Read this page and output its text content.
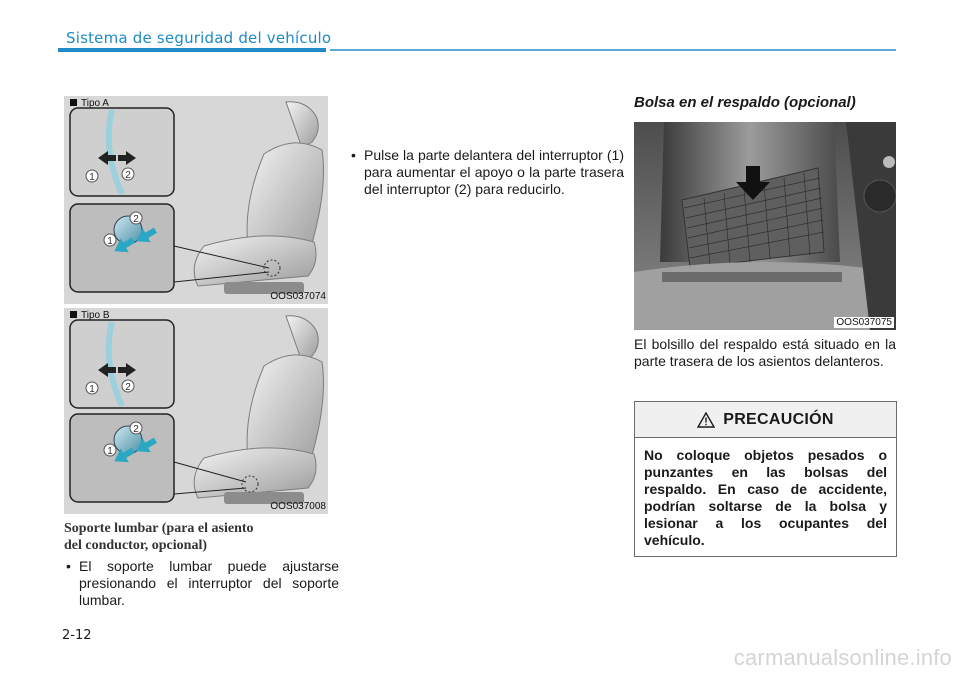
Sistema de seguridad del vehículo
1	2
1
2
Tipo A
OOS037074
1	2
1
2
Tipo B
OOS037008
Soporte lumbar (para el asiento
del conductor, opcional)

• El soporte lumbar puede ajustarse presionando el interruptor del soporte lumbar.

• Pulse la parte delantera del interruptor (1) para aumentar el apoyo o la parte trasera del interruptor (2) para reducirlo.

Bolsa en el respaldo (opcional)
OOS037075
El bolsillo del respaldo está situado en la parte trasera de los asientos delanteros.
PRECAUCIÓN
No coloque objetos pesados o punzantes en las bolsas del respaldo. En caso de accidente, podrían soltarse de la bolsa y lesionar a los ocupantes del vehículo.
2-12
carmanualsonline.info
